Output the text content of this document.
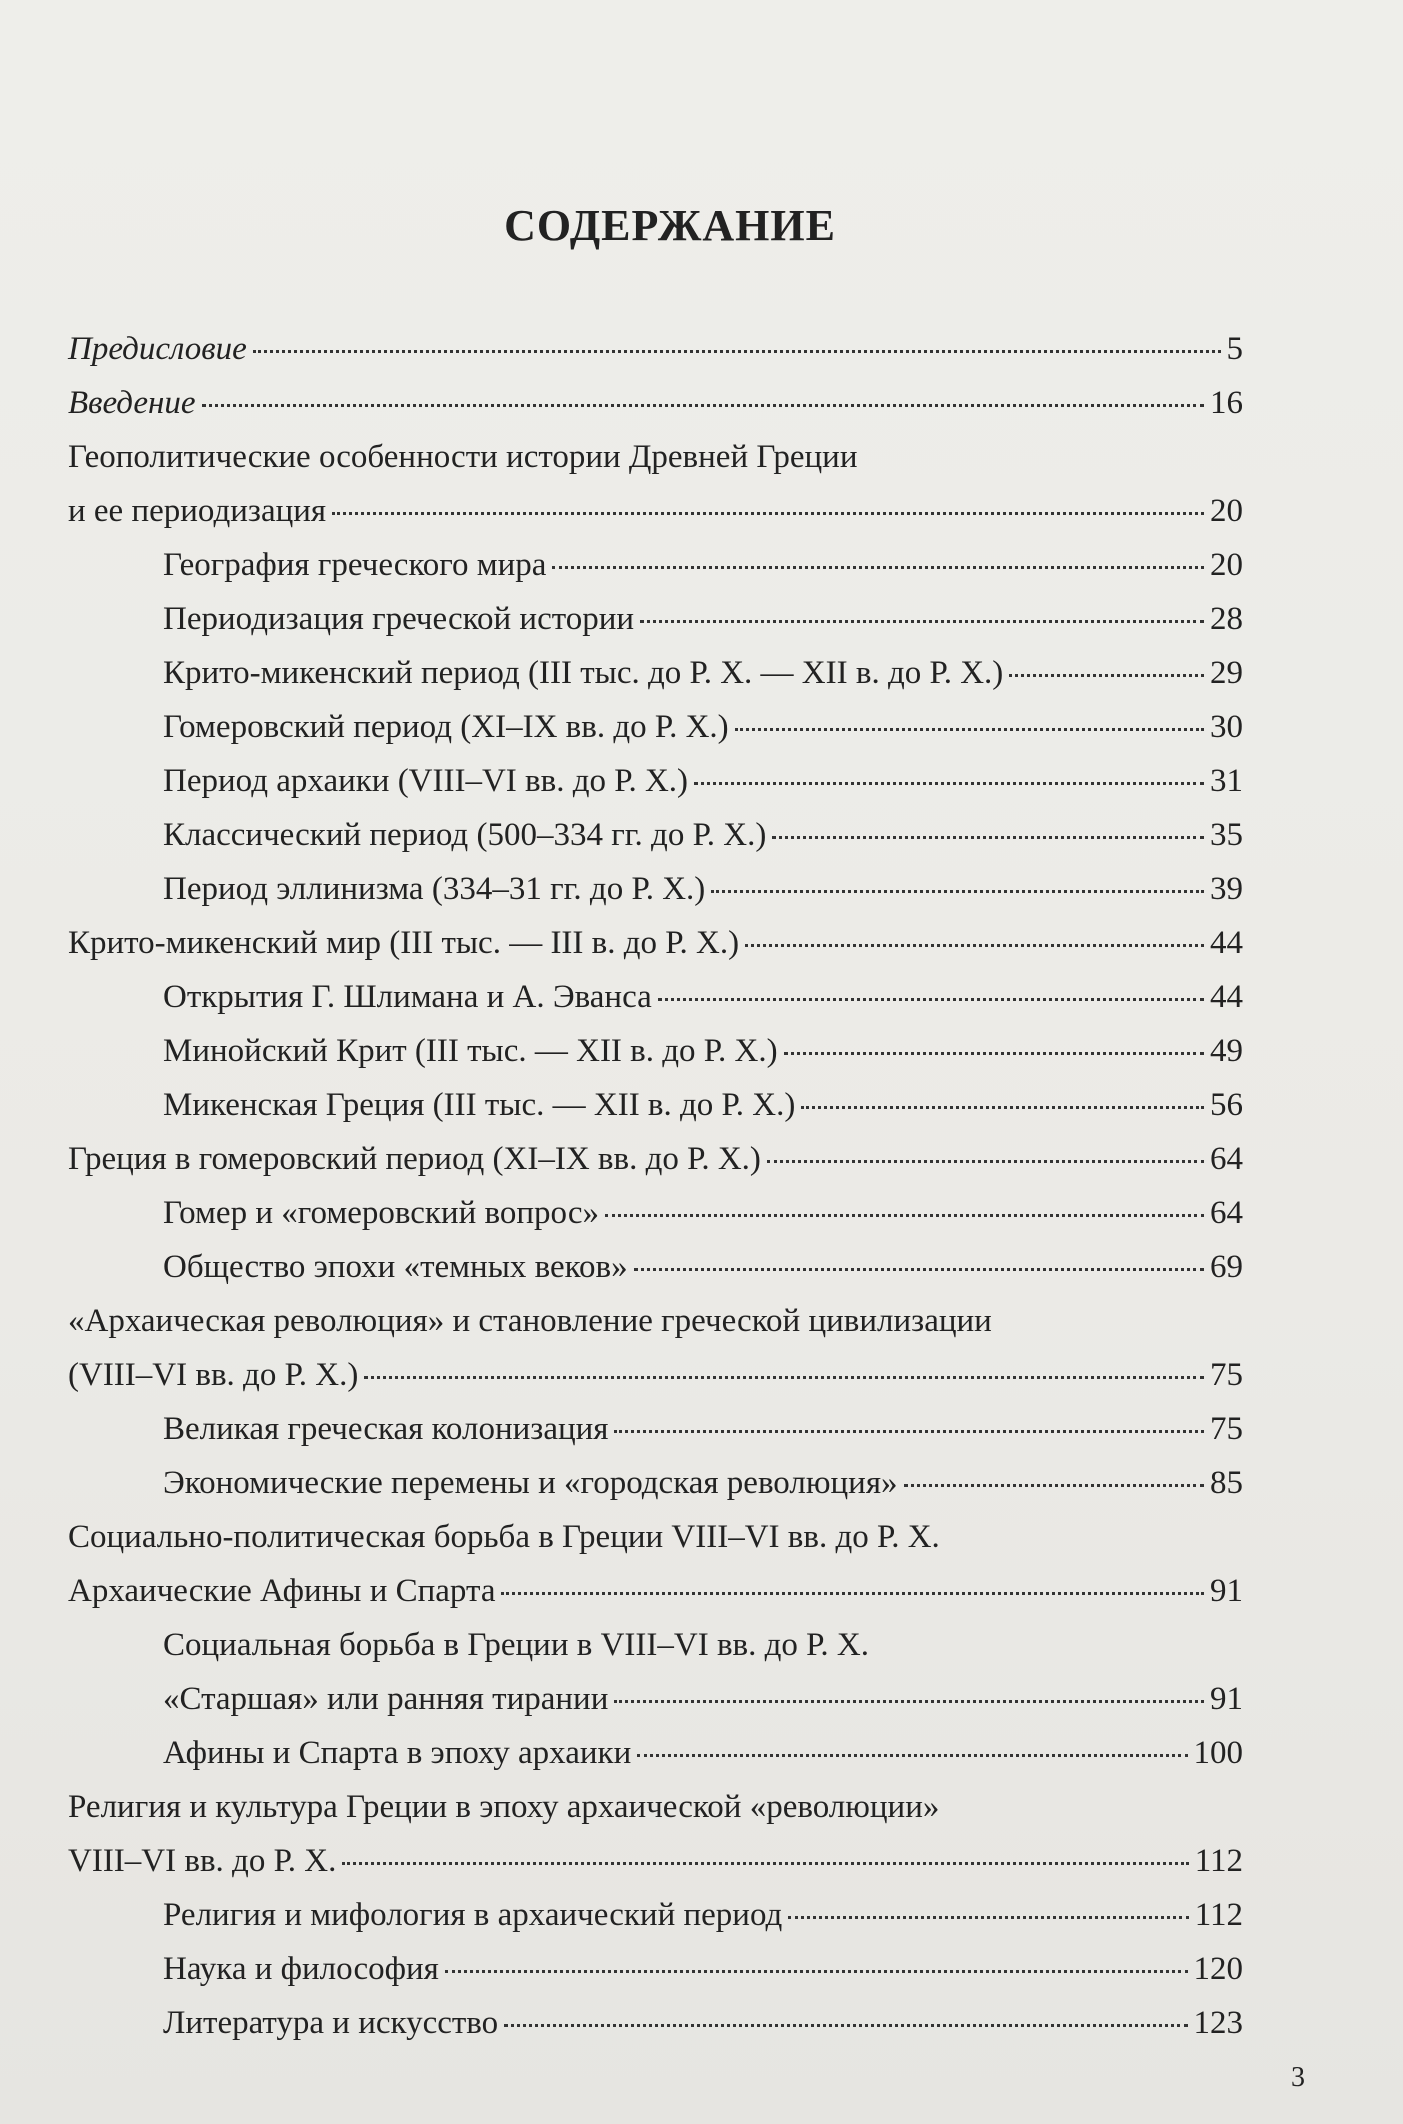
СОДЕРЖАНИЕ
Предисловие	5
Введение	16
Геополитические особенности истории Древней Греции
и ее периодизация	20
География греческого мира	20
Периодизация греческой истории	28
Крито-микенский период (III тыс. до Р. Х. — XII в. до Р. Х.)	29
Гомеровский период (XI–IX вв. до Р. Х.)	30
Период архаики (VIII–VI вв. до Р. Х.)	31
Классический период (500–334 гг. до Р. Х.)	35
Период эллинизма (334–31 гг. до Р. Х.)	39
Крито-микенский мир (III тыс. — III в. до Р. Х.)	44
Открытия Г. Шлимана и А. Эванса	44
Минойский Крит (III тыс. — XII в. до Р. Х.)	49
Микенская Греция (III тыс. — XII в. до Р. Х.)	56
Греция в гомеровский период (XI–IX вв. до Р. Х.)	64
Гомер и «гомеровский вопрос»	64
Общество эпохи «темных веков»	69
«Архаическая революция» и становление греческой цивилизации
(VIII–VI вв. до Р. Х.)	75
Великая греческая колонизация	75
Экономические перемены и «городская революция»	85
Социально-политическая борьба в Греции VIII–VI вв. до Р. Х.
Архаические Афины и Спарта	91
Социальная борьба в Греции в VIII–VI вв. до Р. Х.
«Старшая» или ранняя тирании	91
Афины и Спарта в эпоху архаики	100
Религия и культура Греции в эпоху архаической «революции»
VIII–VI вв. до Р. Х.	112
Религия и мифология в архаический период	112
Наука и философия	120
Литература и искусство	123
3
